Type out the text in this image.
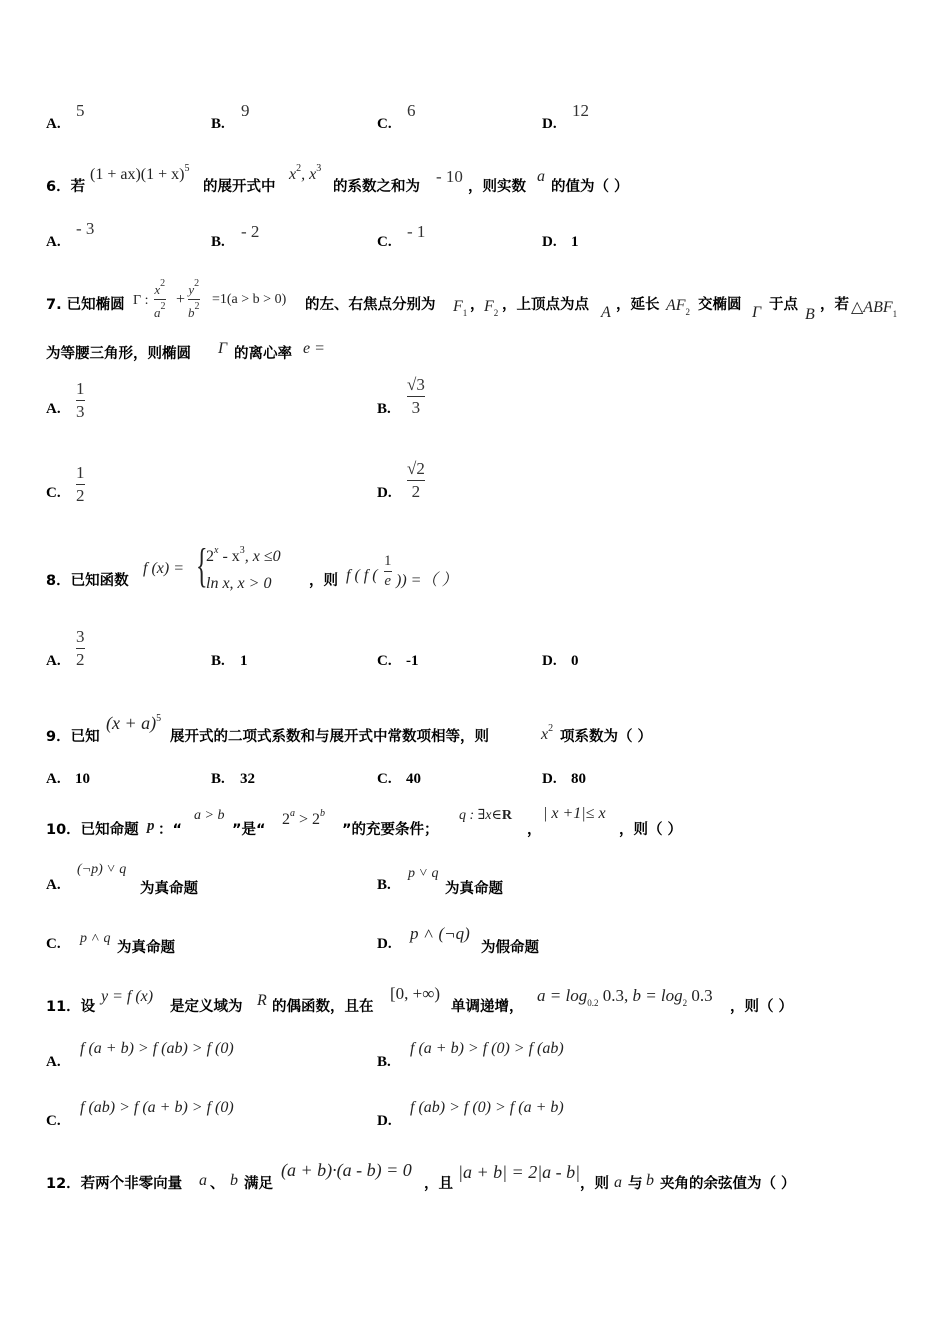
A.
5
B.
9
C.
6
D.
12
6．若
$(1 + ax)(1 + x)^5$
的展开式中
$x^2$, $x^3$
的系数之和为
- 10
，则实数
a
的值为（ ）
A.
- 3
B.
- 2
C.
- 1
D. 1
7. 已知椭圆 Γ :
$x^2$
$a^2$ +
$y^2$
$b^2 =1(a > b > 0)$ 的左、右焦点分别为 $F_1$ ， $F_2$ ，上顶点为点 A ，延长 $AF_2$ 交椭圆 Γ 于点
B
，若 $\triangle ABF_1$
为等腰三角形，则椭圆 Γ 的离心率 e =
A.
1
3	B.
√3
3
C.
1
2	D.
√2
2
8．已知函数
f (x) = {
$2^x - x^3$, x ≤0
ln x, x > 0	，则 f ( f (
1
e )) =（ ）
A.
3
2	B. 1	C. -1	D. 0
9．已知
$(x + a)^5$
展开式的二项式系数和与展开式中常数项相等，则	$x^2$
项系数为（ ）
A. 10	B. 32	C. 40	D. 80
10．已知命题 p ：“
a > b
”是“
$2^a > 2^b$
”的充要条件；
q : ∃x∈R
，
| x +1|≤ x
，则（ ）
A.
(¬p) ˅ q
为真命题	B.
p ˅ q
为真命题
C. p ˄ q
为真命题	D.
p ˄ (¬q)
为假命题
11．设
y = f (x)
是定义域为 R 的偶函数，且在
[0, +∞)
单调递增，
$a = \log_{0.2} 0.3$, $b = \log_2 0.3$
，则（ ）
A.
f (a + b) > f (ab) > f (0)
B.
f (a + b) > f (0) > f (ab)
C.
f (ab) > f (a + b) > f (0)
D.
f (ab) > f (0) > f (a + b)
12．若两个非零向量 a 、 b 满足
(a + b)·(a - b) = 0
，且
|a + b| = 2|a - b|
，则 a 与 b 夹角的余弦值为（ ）
